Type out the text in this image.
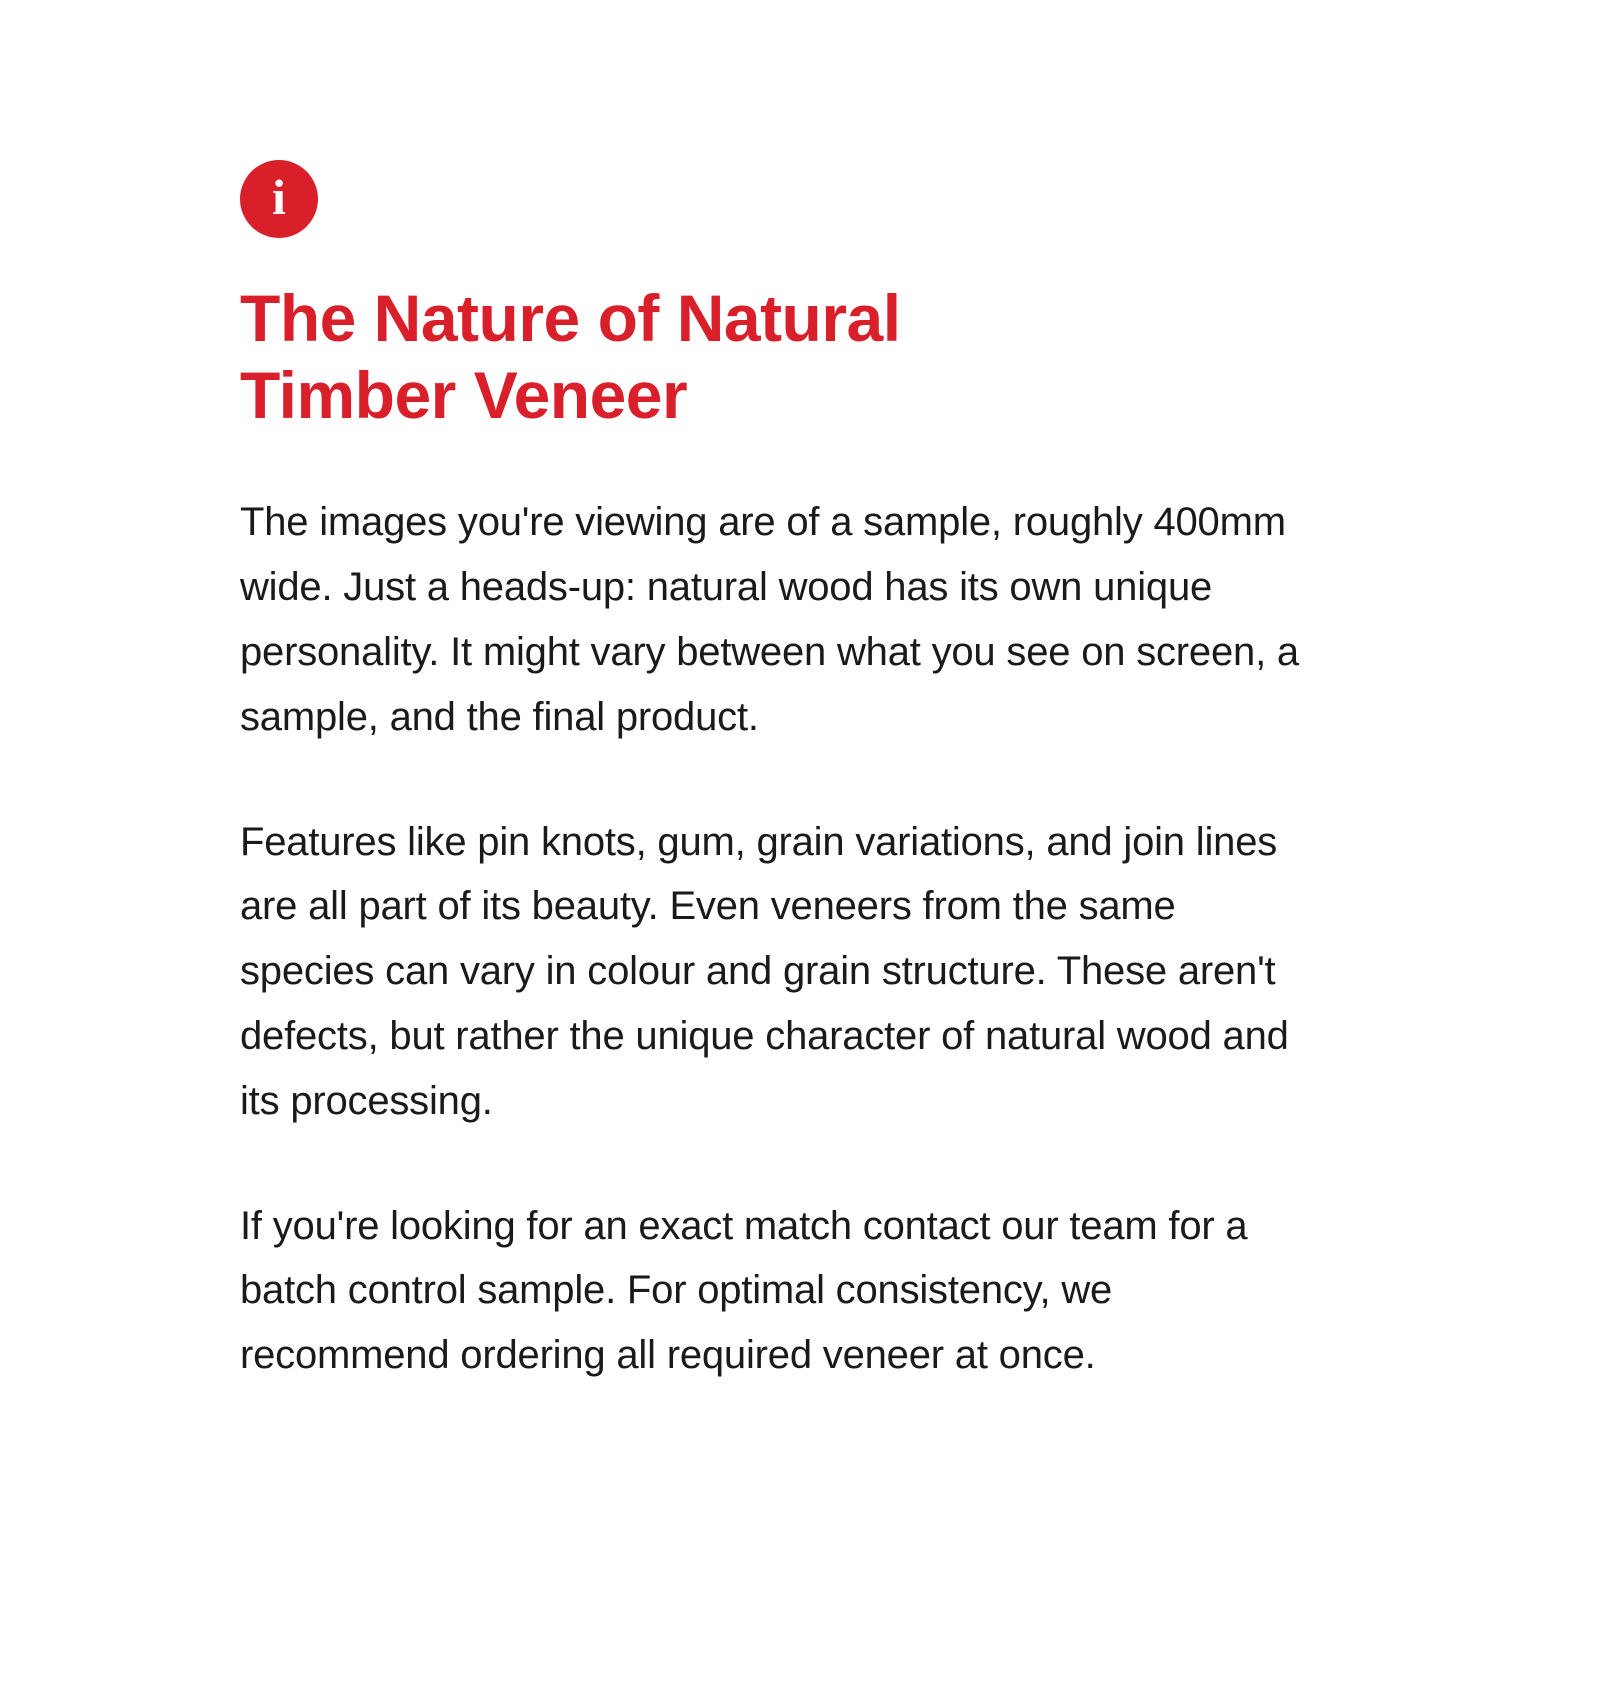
i
The Nature of Natural
Timber Veneer

The images you're viewing are of a sample, roughly 400mm wide. Just a heads-up: natural wood has its own unique personality. It might vary between what you see on screen, a sample, and the final product.

Features like pin knots, gum, grain variations, and join lines are all part of its beauty. Even veneers from the same species can vary in colour and grain structure. These aren't defects, but rather the unique character of natural wood and its processing.

If you're looking for an exact match contact our team for a batch control sample. For optimal consistency, we recommend ordering all required veneer at once.
